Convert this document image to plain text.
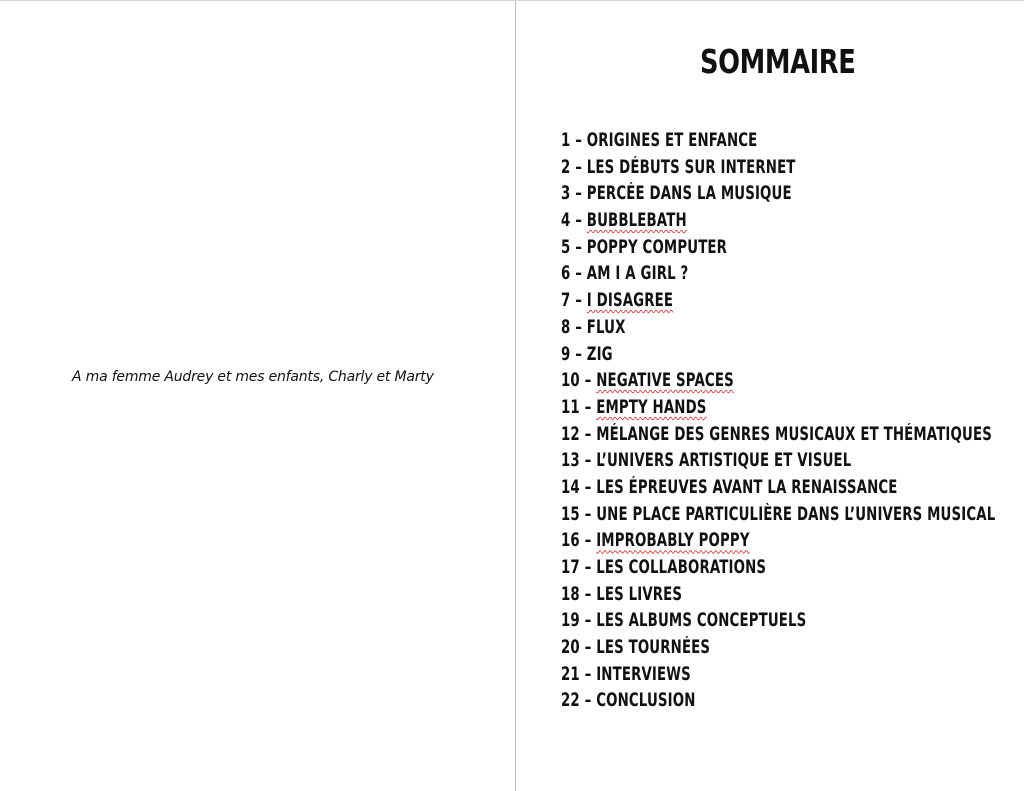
A ma femme Audrey et mes enfants, Charly et Marty
SOMMAIRE
1 – ORIGINES ET ENFANCE
2 – LES DÉBUTS SUR INTERNET
3 – PERCÉE DANS LA MUSIQUE
4 – BUBBLEBATH
5 – POPPY COMPUTER
6 – AM I A GIRL ?
7 – I DISAGREE
8 – FLUX
9 – ZIG
10 – NEGATIVE SPACES
11 – EMPTY HANDS
12 – MÉLANGE DES GENRES MUSICAUX ET THÉMATIQUES
13 – L’UNIVERS ARTISTIQUE ET VISUEL
14 – LES ÉPREUVES AVANT LA RENAISSANCE
15 – UNE PLACE PARTICULIÈRE DANS L’UNIVERS MUSICAL
16 – IMPROBABLY POPPY
17 – LES COLLABORATIONS
18 – LES LIVRES
19 – LES ALBUMS CONCEPTUELS
20 – LES TOURNÉES
21 – INTERVIEWS
22 – CONCLUSION
